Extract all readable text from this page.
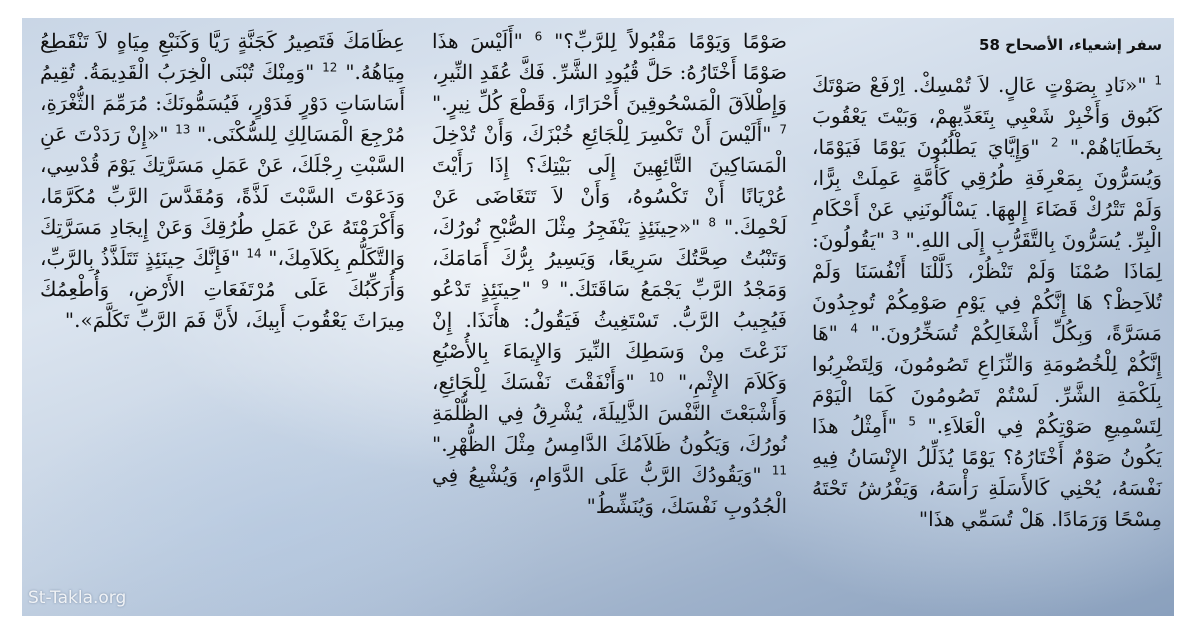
سفر إشعياء، الأصحاح 58
$^1$ "«نَادِ بِصَوْتٍ عَالٍ. لاَ تُمْسِكْ. اِرْفَعْ صَوْتَكَ كَبُوق وَأَخْبِرْ شَعْبِي بِتَعَدِّيهِمْ، وَبَيْتَ يَعْقُوبَ بِخَطَايَاهُمْ." $^2$ "وَإِيَّايَ يَطْلُبُونَ يَوْمًا فَيَوْمًا، وَيُسَرُّونَ بِمَعْرِفَةِ طُرُقِي كَأُمَّةٍ عَمِلَتْ بِرًّا، وَلَمْ تَتْرُكْ قَضَاءَ إِلهِهَا. يَسْأَلُونَنِي عَنْ أَحْكَامِ الْبِرِّ. يُسَرُّونَ بِالتَّقَرُّبِ إِلَى اللهِ." $^3$ "يَقُولُونَ: لِمَاذَا صُمْنَا وَلَمْ تَنْظُرْ، ذَلَّلْنَا أَنْفُسَنَا وَلَمْ تُلاَحِظْ؟ هَا إِنَّكُمْ فِي يَوْمِ صَوْمِكُمْ تُوجِدُونَ مَسَرَّةً، وَبِكُلِّ أَشْغَالِكُمْ تُسَخِّرُونَ." $^4$ "هَا إِنَّكُمْ لِلْخُصُومَةِ وَالنِّزَاعِ تَصُومُونَ، وَلِتَضْرِبُوا بِلَكْمَةِ الشَّرِّ. لَسْتُمْ تَصُومُونَ كَمَا الْيَوْمَ لِتَسْمِيعِ صَوْتِكُمْ فِي الْعَلاَءِ." $^5$ "أَمِثْلُ هذَا يَكُونُ صَوْمٌ أَخْتَارُهُ؟ يَوْمًا يُذَلِّلُ الإِنْسَانُ فِيهِ نَفْسَهُ، يُحْنِي كَالأَسَلَةِ رَأْسَهُ، وَيَفْرُشُ تَحْتَهُ مِسْحًا وَرَمَادًا. هَلْ تُسَمِّي هذَا"
صَوْمًا وَيَوْمًا مَقْبُولاً لِلرَّبِّ؟" $^6$ "أَلَيْسَ هذَا صَوْمًا أَخْتَارُهُ: حَلَّ قُيُودِ الشَّرِّ. فَكَّ عُقَدِ النِّيرِ، وَإِطْلاَقَ الْمَسْحُوقِينَ أَحْرَارًا، وَقَطْعَ كُلِّ نِيرٍ." $^7$ "أَلَيْسَ أَنْ تَكْسِرَ لِلْجَائِعِ خُبْزَكَ، وَأَنْ تُدْخِلَ الْمَسَاكِينَ التَّائِهِينَ إِلَى بَيْتِكَ؟ إِذَا رَأَيْتَ عُرْيَانًا أَنْ تَكْسُوهُ، وَأَنْ لاَ تَتَغَاضَى عَنْ لَحْمِكَ." $^8$ "«حِينَئِذٍ يَنْفَجِرُ مِثْلَ الصُّبْحِ نُورُكَ، وَتَنْبُتُ صِحَّتُكَ سَرِيعًا، وَيَسِيرُ بِرُّكَ أَمَامَكَ، وَمَجْدُ الرَّبِّ يَجْمَعُ سَاقَتَكَ." $^9$ "حِينَئِذٍ تَدْعُو فَيُجِيبُ الرَّبُّ. تَسْتَغِيثُ فَيَقُولُ: هأَنَذَا. إِنْ نَزَعْتَ مِنْ وَسَطِكَ النِّيرَ وَالإِيمَاءَ بِالأُصْبُعِ وَكَلاَمَ الإِثْمِ،" $^{10}$ "وَأَنْفَقْتَ نَفْسَكَ لِلْجَائِعِ، وَأَشْبَعْتَ النَّفْسَ الذَّلِيلَةَ، يُشْرِقُ فِي الظُّلْمَةِ نُورُكَ، وَيَكُونُ ظَلاَمُكَ الدَّامِسُ مِثْلَ الظُّهْرِ." $^{11}$ "وَيَقُودُكَ الرَّبُّ عَلَى الدَّوَامِ، وَيُشْبِعُ فِي الْجُدُوبِ نَفْسَكَ، وَيُنَشِّطُ"
عِظَامَكَ فَتَصِيرُ كَجَنَّةٍ رَيَّا وَكَنَبْعِ مِيَاهٍ لاَ تَنْقَطِعُ مِيَاهُهُ." $^{12}$ "وَمِنْكَ تُبْنَى الْخِرَبُ الْقَدِيمَةُ. تُقِيمُ أَسَاسَاتِ دَوْرٍ فَدَوْرٍ، فَيُسَمُّونَكَ: مُرَمِّمَ الثُّغْرَةِ، مُرْجِعَ الْمَسَالِكِ لِلسُّكْنَى." $^{13}$ "«إِنْ رَدَدْتَ عَنِ السَّبْتِ رِجْلَكَ، عَنْ عَمَلِ مَسَرَّتِكَ يَوْمَ قُدْسِي، وَدَعَوْتَ السَّبْتَ لَذَّةً، وَمُقَدَّسَ الرَّبِّ مُكَرَّمًا، وَأَكْرَمْتَهُ عَنْ عَمَلِ طُرُقِكَ وَعَنْ إِيجَادِ مَسَرَّتِكَ وَالتَّكَلُّمِ بِكَلاَمِكَ،" $^{14}$ "فَإِنَّكَ حِينَئِذٍ تَتَلَذَّذُ بِالرَّبِّ، وَأُرَكِّبُكَ عَلَى مُرْتَفَعَاتِ الأَرْضِ، وَأُطْعِمُكَ مِيرَاثَ يَعْقُوبَ أَبِيكَ، لأَنَّ فَمَ الرَّبِّ تَكَلَّمَ»."
St-Takla.org
